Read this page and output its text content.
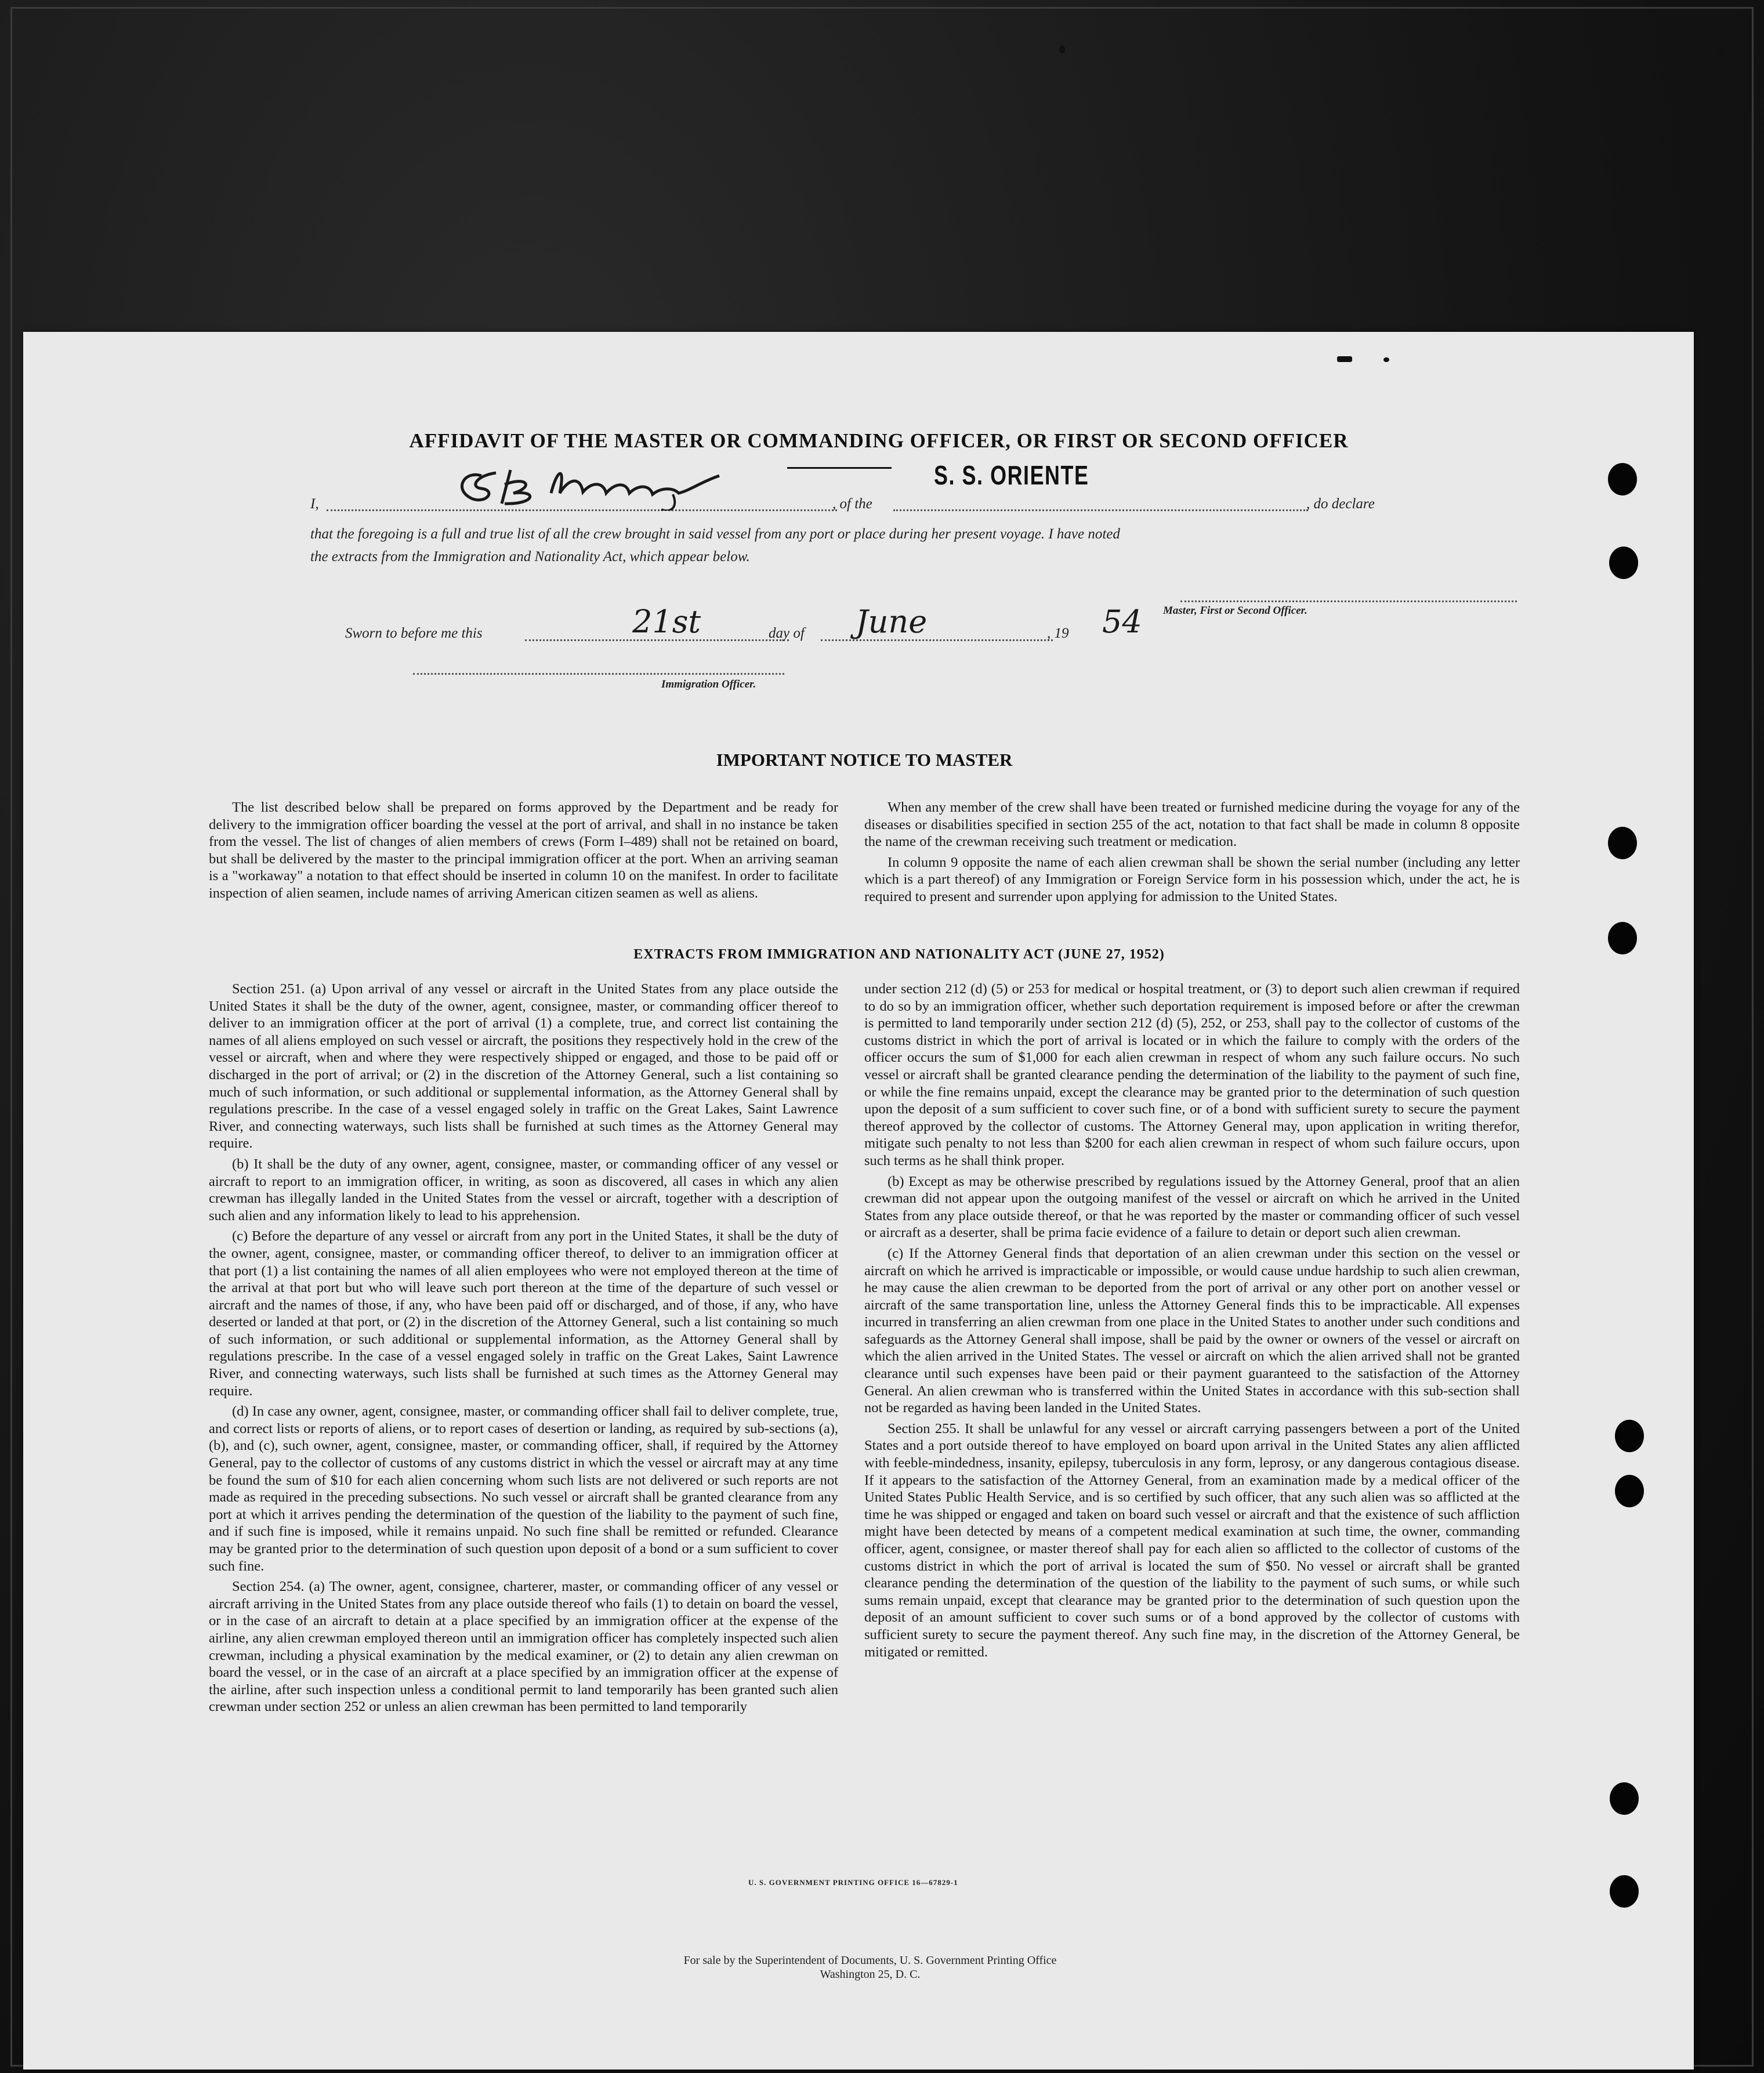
AFFIDAVIT OF THE MASTER OR COMMANDING OFFICER, OR FIRST OR SECOND OFFICER
S. S. ORIENTE
I,	, of the	, do declare
that the foregoing is a full and true list of all the crew brought in said vessel from any port or place during her present voyage. I have noted
the extracts from the Immigration and Nationality Act, which appear below.
Master, First or Second Officer.
Sworn to before me this	21st	day of June	, 19 54
Immigration Officer.
IMPORTANT NOTICE TO MASTER

The list described below shall be prepared on forms approved by the Department and be ready for delivery to the immigration officer boarding the vessel at the port of arrival, and shall in no instance be taken from the vessel. The list of changes of alien members of crews (Form I–489) shall not be retained on board, but shall be delivered by the master to the principal immigration officer at the port. When an arriving seaman is a "workaway" a notation to that effect should be inserted in column 10 on the manifest. In order to facilitate inspection of alien seamen, include names of arriving American citizen seamen as well as aliens.

When any member of the crew shall have been treated or furnished medicine during the voyage for any of the diseases or disabilities specified in section 255 of the act, notation to that fact shall be made in column 8 opposite the name of the crewman receiving such treatment or medication.

In column 9 opposite the name of each alien crewman shall be shown the serial number (including any letter which is a part thereof) of any Immigration or Foreign Service form in his possession which, under the act, he is required to present and surrender upon applying for admission to the United States.

EXTRACTS FROM IMMIGRATION AND NATIONALITY ACT (JUNE 27, 1952)

Section 251. (a) Upon arrival of any vessel or aircraft in the United States from any place outside the United States it shall be the duty of the owner, agent, consignee, master, or commanding officer thereof to deliver to an immigration officer at the port of arrival (1) a complete, true, and correct list containing the names of all aliens employed on such vessel or aircraft, the positions they respectively hold in the crew of the vessel or aircraft, when and where they were respectively shipped or engaged, and those to be paid off or discharged in the port of arrival; or (2) in the discretion of the Attorney General, such a list containing so much of such information, or such additional or supplemental information, as the Attorney General shall by regulations prescribe. In the case of a vessel engaged solely in traffic on the Great Lakes, Saint Lawrence River, and connecting waterways, such lists shall be furnished at such times as the Attorney General may require.

(b) It shall be the duty of any owner, agent, consignee, master, or commanding officer of any vessel or aircraft to report to an immigration officer, in writing, as soon as discovered, all cases in which any alien crewman has illegally landed in the United States from the vessel or aircraft, together with a description of such alien and any information likely to lead to his apprehension.

(c) Before the departure of any vessel or aircraft from any port in the United States, it shall be the duty of the owner, agent, consignee, master, or commanding officer thereof, to deliver to an immigration officer at that port (1) a list containing the names of all alien employees who were not employed thereon at the time of the arrival at that port but who will leave such port thereon at the time of the departure of such vessel or aircraft and the names of those, if any, who have been paid off or discharged, and of those, if any, who have deserted or landed at that port, or (2) in the discretion of the Attorney General, such a list containing so much of such information, or such additional or supplemental information, as the Attorney General shall by regulations prescribe. In the case of a vessel engaged solely in traffic on the Great Lakes, Saint Lawrence River, and connecting waterways, such lists shall be furnished at such times as the Attorney General may require.

(d) In case any owner, agent, consignee, master, or commanding officer shall fail to deliver complete, true, and correct lists or reports of aliens, or to report cases of desertion or landing, as required by sub-sections (a), (b), and (c), such owner, agent, consignee, master, or commanding officer, shall, if required by the Attorney General, pay to the collector of customs of any customs district in which the vessel or aircraft may at any time be found the sum of $10 for each alien concerning whom such lists are not delivered or such reports are not made as required in the preceding subsections. No such vessel or aircraft shall be granted clearance from any port at which it arrives pending the determination of the question of the liability to the payment of such fine, and if such fine is imposed, while it remains unpaid. No such fine shall be remitted or refunded. Clearance may be granted prior to the determination of such question upon deposit of a bond or a sum sufficient to cover such fine.

Section 254. (a) The owner, agent, consignee, charterer, master, or commanding officer of any vessel or aircraft arriving in the United States from any place outside thereof who fails (1) to detain on board the vessel, or in the case of an aircraft to detain at a place specified by an immigration officer at the expense of the airline, any alien crewman employed thereon until an immigration officer has completely inspected such alien crewman, including a physical examination by the medical examiner, or (2) to detain any alien crewman on board the vessel, or in the case of an aircraft at a place specified by an immigration officer at the expense of the airline, after such inspection unless a conditional permit to land temporarily has been granted such alien crewman under section 252 or unless an alien crewman has been permitted to land temporarily

under section 212 (d) (5) or 253 for medical or hospital treatment, or (3) to deport such alien crewman if required to do so by an immigration officer, whether such deportation requirement is imposed before or after the crewman is permitted to land temporarily under section 212 (d) (5), 252, or 253, shall pay to the collector of customs of the customs district in which the port of arrival is located or in which the failure to comply with the orders of the officer occurs the sum of $1,000 for each alien crewman in respect of whom any such failure occurs. No such vessel or aircraft shall be granted clearance pending the determination of the liability to the payment of such fine, or while the fine remains unpaid, except the clearance may be granted prior to the determination of such question upon the deposit of a sum sufficient to cover such fine, or of a bond with sufficient surety to secure the payment thereof approved by the collector of customs. The Attorney General may, upon application in writing therefor, mitigate such penalty to not less than $200 for each alien crewman in respect of whom such failure occurs, upon such terms as he shall think proper.

(b) Except as may be otherwise prescribed by regulations issued by the Attorney General, proof that an alien crewman did not appear upon the outgoing manifest of the vessel or aircraft on which he arrived in the United States from any place outside thereof, or that he was reported by the master or commanding officer of such vessel or aircraft as a deserter, shall be prima facie evidence of a failure to detain or deport such alien crewman.

(c) If the Attorney General finds that deportation of an alien crewman under this section on the vessel or aircraft on which he arrived is impracticable or impossible, or would cause undue hardship to such alien crewman, he may cause the alien crewman to be deported from the port of arrival or any other port on another vessel or aircraft of the same transportation line, unless the Attorney General finds this to be impracticable. All expenses incurred in transferring an alien crewman from one place in the United States to another under such conditions and safeguards as the Attorney General shall impose, shall be paid by the owner or owners of the vessel or aircraft on which the alien arrived in the United States. The vessel or aircraft on which the alien arrived shall not be granted clearance until such expenses have been paid or their payment guaranteed to the satisfaction of the Attorney General. An alien crewman who is transferred within the United States in accordance with this sub-section shall not be regarded as having been landed in the United States.

Section 255. It shall be unlawful for any vessel or aircraft carrying passengers between a port of the United States and a port outside thereof to have employed on board upon arrival in the United States any alien afflicted with feeble-mindedness, insanity, epilepsy, tuberculosis in any form, leprosy, or any dangerous contagious disease. If it appears to the satisfaction of the Attorney General, from an examination made by a medical officer of the United States Public Health Service, and is so certified by such officer, that any such alien was so afflicted at the time he was shipped or engaged and taken on board such vessel or aircraft and that the existence of such affliction might have been detected by means of a competent medical examination at such time, the owner, commanding officer, agent, consignee, or master thereof shall pay for each alien so afflicted to the collector of customs of the customs district in which the port of arrival is located the sum of $50. No vessel or aircraft shall be granted clearance pending the determination of the question of the liability to the payment of such sums, or while such sums remain unpaid, except that clearance may be granted prior to the determination of such question upon the deposit of an amount sufficient to cover such sums or of a bond approved by the collector of customs with sufficient surety to secure the payment thereof. Any such fine may, in the discretion of the Attorney General, be mitigated or remitted.

U. S. GOVERNMENT PRINTING OFFICE 16—67829-1
For sale by the Superintendent of Documents, U. S. Government Printing Office
Washington 25, D. C.
